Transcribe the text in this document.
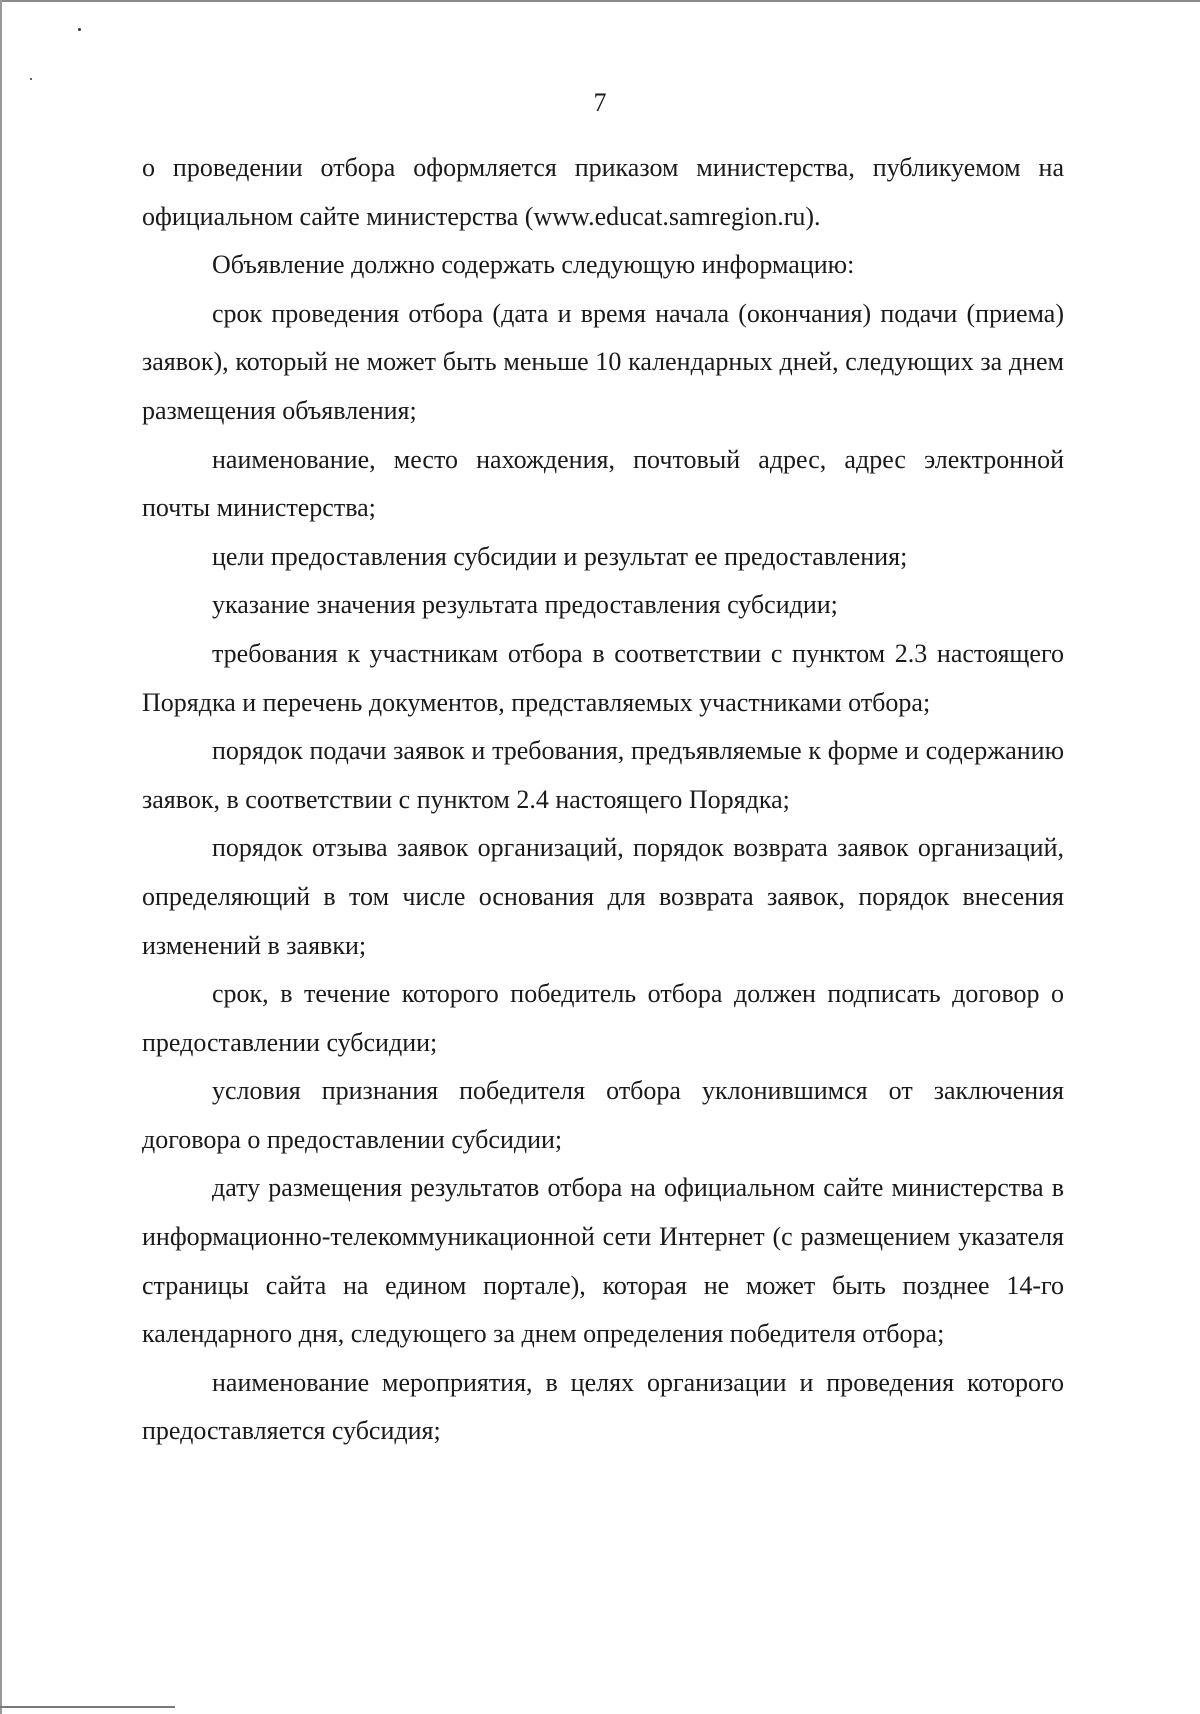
7

о проведении отбора оформляется приказом министерства, публикуемом на официальном сайте министерства (www.educat.samregion.ru).

Объявление должно содержать следующую информацию:

срок проведения отбора (дата и время начала (окончания) подачи (приема) заявок), который не может быть меньше 10 календарных дней, следующих за днем размещения объявления;

наименование, место нахождения, почтовый адрес, адрес электронной почты министерства;

цели предоставления субсидии и результат ее предоставления;

указание значения результата предоставления субсидии;

требования к участникам отбора в соответствии с пунктом 2.3 настоящего Порядка и перечень документов, представляемых участниками отбора;

порядок подачи заявок и требования, предъявляемые к форме и содержанию заявок, в соответствии с пунктом 2.4 настоящего Порядка;

порядок отзыва заявок организаций, порядок возврата заявок организаций, определяющий в том числе основания для возврата заявок, порядок внесения изменений в заявки;

срок, в течение которого победитель отбора должен подписать договор о предоставлении субсидии;

условия признания победителя отбора уклонившимся от заключения договора о предоставлении субсидии;

дату размещения результатов отбора на официальном сайте министерства в информационно-телекоммуникационной сети Интернет (с размещением указателя страницы сайта на едином портале), которая не может быть позднее 14-го календарного дня, следующего за днем определения победителя отбора;

наименование мероприятия, в целях организации и проведения которого предоставляется субсидия;
